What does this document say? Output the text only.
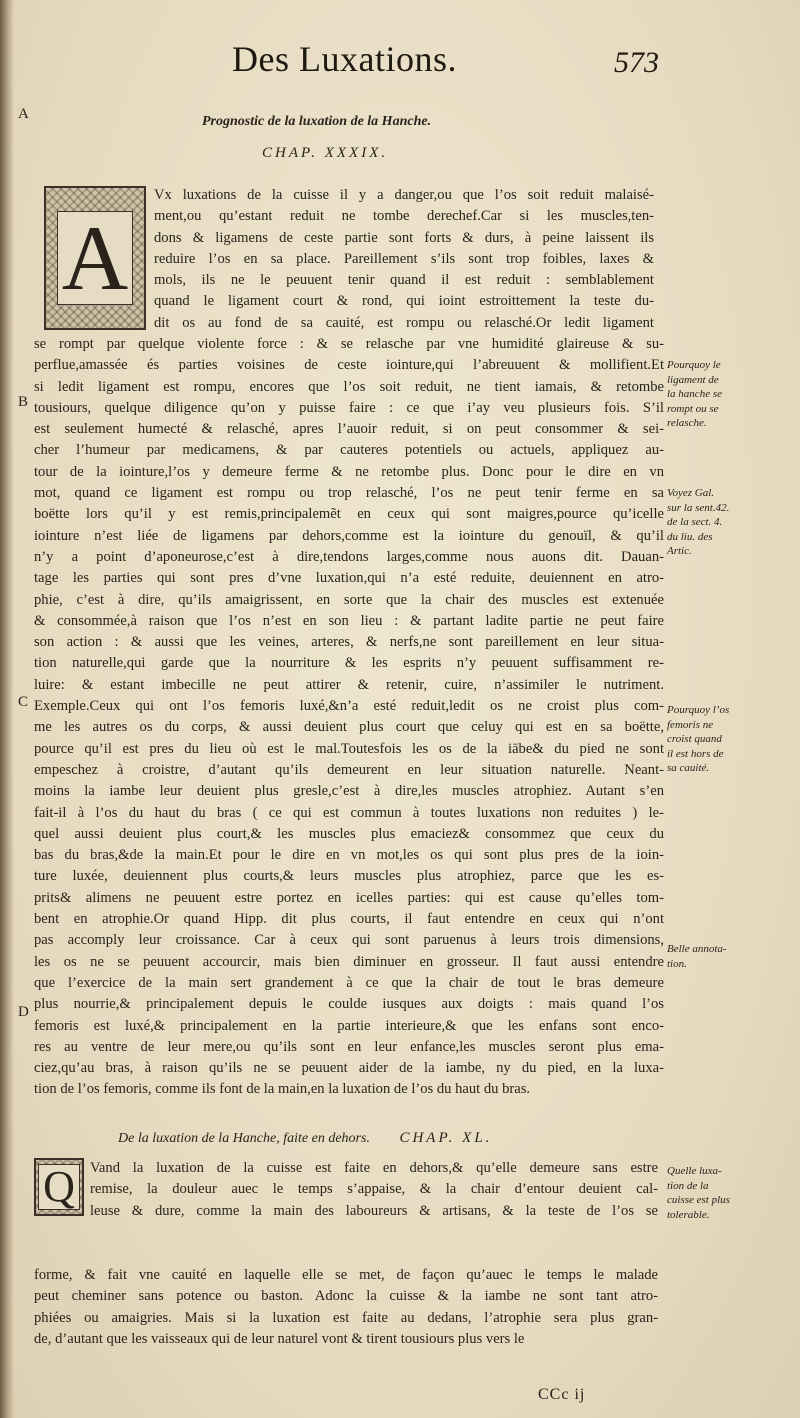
Des Luxations.	573
A
B
C
D
Prognostic de la luxation de la Hanche.
CHAP. XXXIX.
A
Vx luxations de la cuisse il y a danger,ou que l’os soit reduit malaisé-
ment,ou qu’estant reduit ne tombe derechef.Car si les muscles,ten-
dons & ligamens de ceste partie sont forts & durs, à peine laissent ils
reduire l’os en sa place. Pareillement s’ils sont trop foibles, laxes &
mols, ils ne le peuuent tenir quand il est reduit : semblablement
quand le ligament court & rond, qui ioint estroittement la teste du-
dit os au fond de sa cauité, est rompu ou relasché.Or ledit ligament
se rompt par quelque violente force : & se relasche par vne humidité glaireuse & su-
perflue,amassée és parties voisines de ceste iointure,qui l’abreuuent & mollifient.Et
si ledit ligament est rompu, encores que l’os soit reduit, ne tient iamais, & retombe
tousiours, quelque diligence qu’on y puisse faire : ce que i’ay veu plusieurs fois. S’il
est seulement humecté & relasché, apres l’auoir reduit, si on peut consommer & sei-
cher l’humeur par medicamens, & par cauteres potentiels ou actuels, appliquez au-
tour de la iointure,l’os y demeure ferme & ne retombe plus. Donc pour le dire en vn
mot, quand ce ligament est rompu ou trop relasché, l’os ne peut tenir ferme en sa
boëtte lors qu’il y est remis,principalemẽt en ceux qui sont maigres,pource qu’icelle
iointure n’est liée de ligamens par dehors,comme est la iointure du genouïl, & qu’il
n’y a point d’aponeurose,c’est à dire,tendons larges,comme nous auons dit. Dauan-
tage les parties qui sont pres d’vne luxation,qui n’a esté reduite, deuiennent en atro-
phie, c’est à dire, qu’ils amaigrissent, en sorte que la chair des muscles est extenuée
& consommée,à raison que l’os n’est en son lieu : & partant ladite partie ne peut faire
son action : & aussi que les veines, arteres, & nerfs,ne sont pareillement en leur situa-
tion naturelle,qui garde que la nourriture & les esprits n’y peuuent suffisamment re-
luire: & estant imbecille ne peut attirer & retenir, cuire, n’assimiler le nutriment.
Exemple.Ceux qui ont l’os femoris luxé,&n’a esté reduit,ledit os ne croist plus com-
me les autres os du corps, & aussi deuient plus court que celuy qui est en sa boëtte,
pource qu’il est pres du lieu où est le mal.Toutesfois les os de la iābe& du pied ne sont
empeschez à croistre, d’autant qu’ils demeurent en leur situation naturelle. Neant-
moins la iambe leur deuient plus gresle,c’est à dire,les muscles atrophiez. Autant s’en
fait-il à l’os du haut du bras ( ce qui est commun à toutes luxations non reduites ) le-
quel aussi deuient plus court,& les muscles plus emaciez& consommez que ceux du
bas du bras,&de la main.Et pour le dire en vn mot,les os qui sont plus pres de la ioin-
ture luxée, deuiennent plus courts,& leurs muscles plus atrophiez, parce que les es-
prits& alimens ne peuuent estre portez en icelles parties: qui est cause qu’elles tom-
bent en atrophie.Or quand Hipp. dit plus courts, il faut entendre en ceux qui n’ont
pas accomply leur croissance. Car à ceux qui sont paruenus à leurs trois dimensions,
les os ne se peuuent accourcir, mais bien diminuer en grosseur. Il faut aussi entendre
que l’exercice de la main sert grandement à ce que la chair de tout le bras demeure
plus nourrie,& principalement depuis le coulde iusques aux doigts : mais quand l’os
femoris est luxé,& principalement en la partie interieure,& que les enfans sont enco-
res au ventre de leur mere,ou qu’ils sont en leur enfance,les muscles seront plus ema-
ciez,qu’au bras, à raison qu’ils ne se peuuent aider de la iambe, ny du pied, en la luxa-
tion de l’os femoris, comme ils font de la main,en la luxation de l’os du haut du bras.
Pourquoy le
ligament de
la hanche se
rompt ou se
relasche.
Voyez Gal.
sur la sent.42.
de la sect. 4.
du liu. des
Artic.
Pourquoy l’os
femoris ne
croist quand
il est hors de
sa cauité.
Belle annota-
tion.
Quelle luxa-
tion de la
cuisse est plus
tolerable.
De la luxation de la Hanche, faite en dehors. CHAP. XL.
Q	Vand la luxation de la cuisse est faite en dehors,& qu’elle demeure sans estre
remise, la douleur auec le temps s’appaise, & la chair d’entour deuient cal-
leuse & dure, comme la main des laboureurs & artisans, & la teste de l’os se
forme, & fait vne cauité en laquelle elle se met, de façon qu’auec le temps le malade
peut cheminer sans potence ou baston. Adonc la cuisse & la iambe ne sont tant atro-
phiées ou amaigries. Mais si la luxation est faite au dedans, l’atrophie sera plus gran-
de, d’autant que les vaisseaux qui de leur naturel vont & tirent tousiours plus vers le
CCc ij
